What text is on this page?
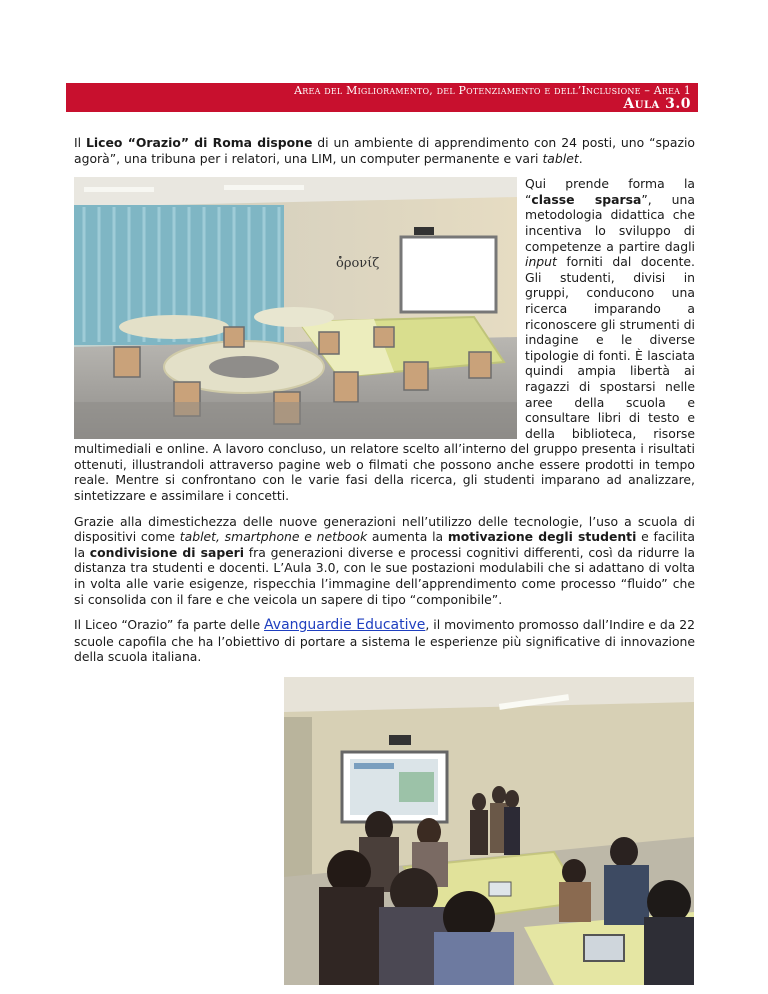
Area del Miglioramento, del Potenziamento e dell’Inclusione – Area 1
Aula 3.0

Il Liceo “Orazio” di Roma dispone di un ambiente di apprendimento con 24 posti, uno “spazio agorà”, una tribuna per i relatori, una LIM, un computer permanente e vari tablet.

ὁ̓ρονίζ

Qui prende forma la “classe sparsa”, una metodologia didattica che incentiva lo sviluppo di competenze a partire dagli input forniti dal docente. Gli studenti, divisi in gruppi, conducono una ricerca imparando a riconoscere gli strumenti di indagine e le diverse tipologie di fonti. È lasciata quindi ampia libertà ai ragazzi di spostarsi nelle aree della scuola e consultare libri di testo e della biblioteca, risorse multimediali e online. A lavoro concluso, un relatore scelto all’interno del gruppo presenta i risultati ottenuti, illustrandoli attraverso pagine web o filmati che possono anche essere prodotti in tempo reale. Mentre si confrontano con le varie fasi della ricerca, gli studenti imparano ad analizzare, sintetizzare e assimilare i concetti.

Grazie alla dimestichezza delle nuove generazioni nell’utilizzo delle tecnologie, l’uso a scuola di dispositivi come tablet, smartphone e netbook aumenta la motivazione degli studenti e facilita la condivisione di saperi fra generazioni diverse e processi cognitivi differenti, così da ridurre la distanza tra studenti e docenti. L’Aula 3.0, con le sue postazioni modulabili che si adattano di volta in volta alle varie esigenze, rispecchia l’immagine dell’apprendimento come processo “fluido” che si consolida con il fare e che veicola un sapere di tipo “componibile”.

Il Liceo “Orazio” fa parte delle Avanguardie Educative, il movimento promosso dall’Indire e da 22 scuole capofila che ha l’obiettivo di portare a sistema le esperienze più significative di innovazione della scuola italiana.
